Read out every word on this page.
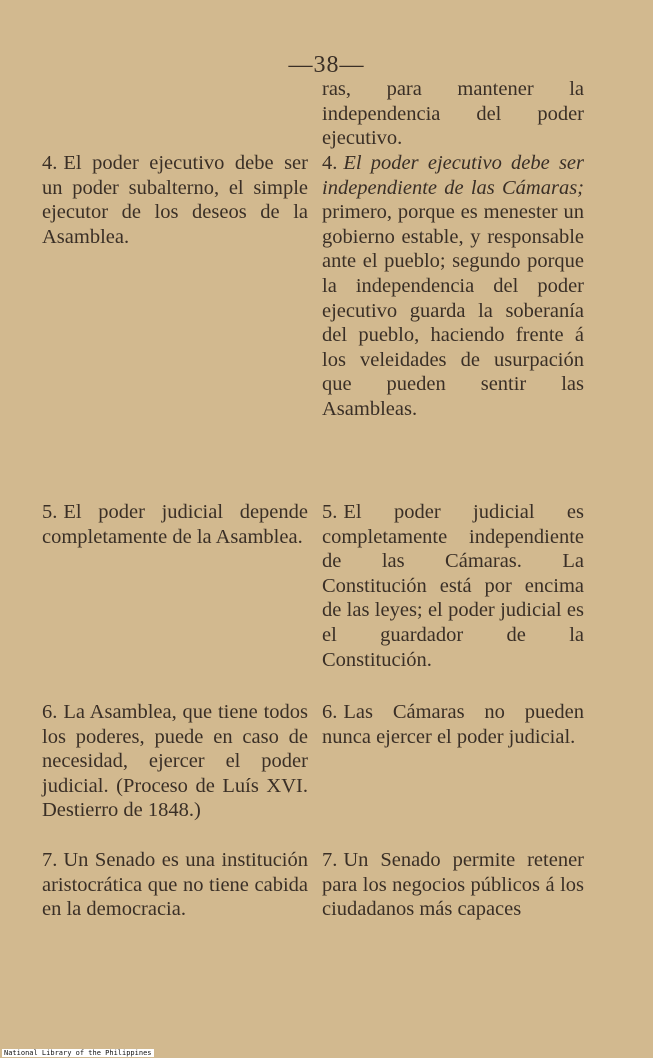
—38—

ras, para mantener la independencia del poder ejecutivo.

4. El poder ejecutivo debe ser independiente de las Cámaras; primero, porque es menester un gobierno estable, y responsable ante el pueblo; segundo porque la independencia del poder ejecutivo guarda la soberanía del pueblo, haciendo frente á los veleidades de usurpación que pueden sentir las Asambleas.

5. El poder judicial es completamente independiente de las Cámaras. La Constitución está por encima de las leyes; el poder judicial es el guardador de la Constitución.

6. Las Cámaras no pueden nunca ejercer el poder judicial.

7. Un Senado permite retener para los negocios públicos á los ciudadanos más capaces

4. El poder ejecutivo debe ser un poder subalterno, el simple ejecutor de los deseos de la Asamblea.

5. El poder judicial depende completamente de la Asamblea.

6. La Asamblea, que tiene todos los poderes, puede en caso de necesidad, ejercer el poder judicial. (Proceso de Luís XVI. Destierro de 1848.)

7. Un Senado es una institución aristocrática que no tiene cabida en la democracia.

National Library of the Philippines
